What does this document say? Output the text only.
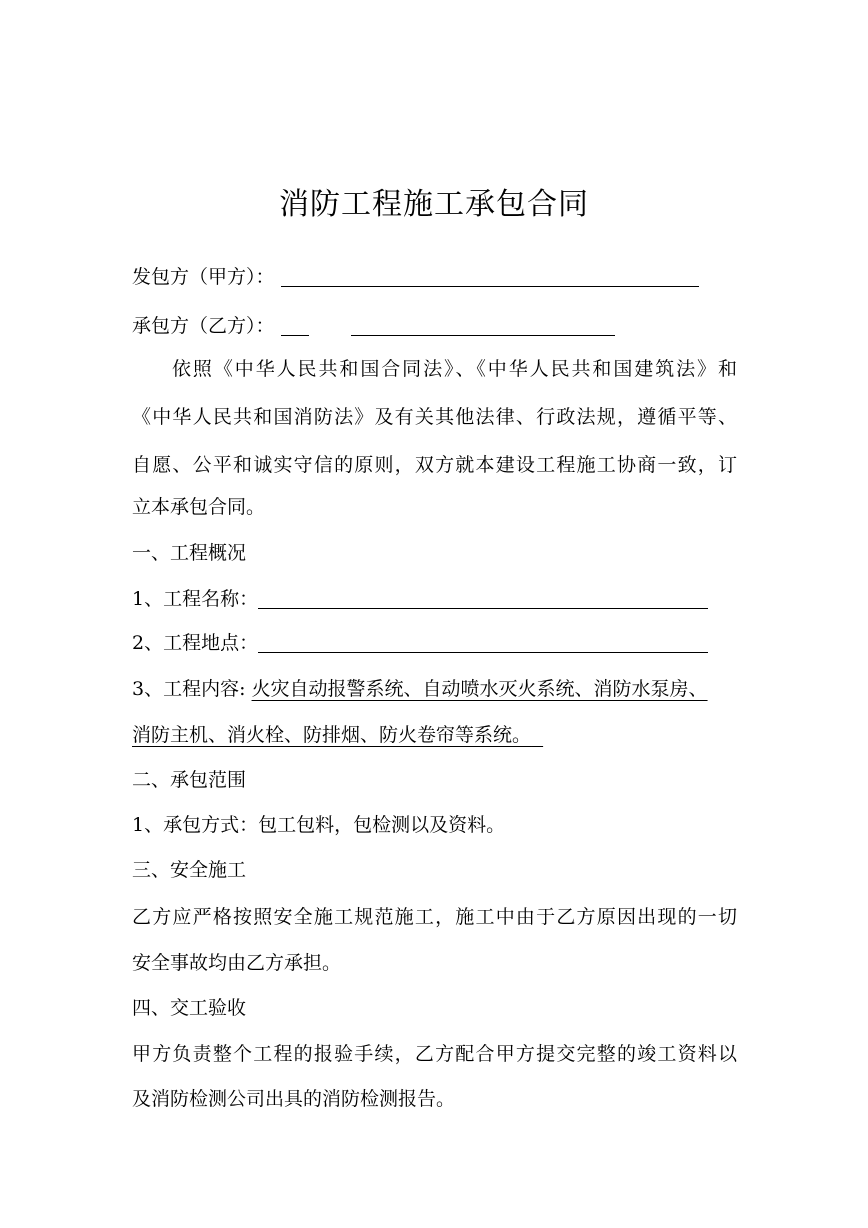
消防工程施工承包合同
发包方（甲方）：
承包方（乙方）：
依照《中华人民共和国合同法》、《中华人民共和国建筑法》和
《中华人民共和国消防法》及有关其他法律、行政法规，遵循平等、
自愿、公平和诚实守信的原则，双方就本建设工程施工协商一致，订
立本承包合同。
一、工程概况
1、工程名称：
2、工程地点：
3、工程内容: 火灾自动报警系统、自动喷水灭火系统、消防水泵房、
消防主机、消火栓、防排烟、防火卷帘等系统。
二、承包范围
1、承包方式：包工包料，包检测以及资料。
三、安全施工
乙方应严格按照安全施工规范施工，施工中由于乙方原因出现的一切
安全事故均由乙方承担。
四、交工验收
甲方负责整个工程的报验手续，乙方配合甲方提交完整的竣工资料以
及消防检测公司出具的消防检测报告。
